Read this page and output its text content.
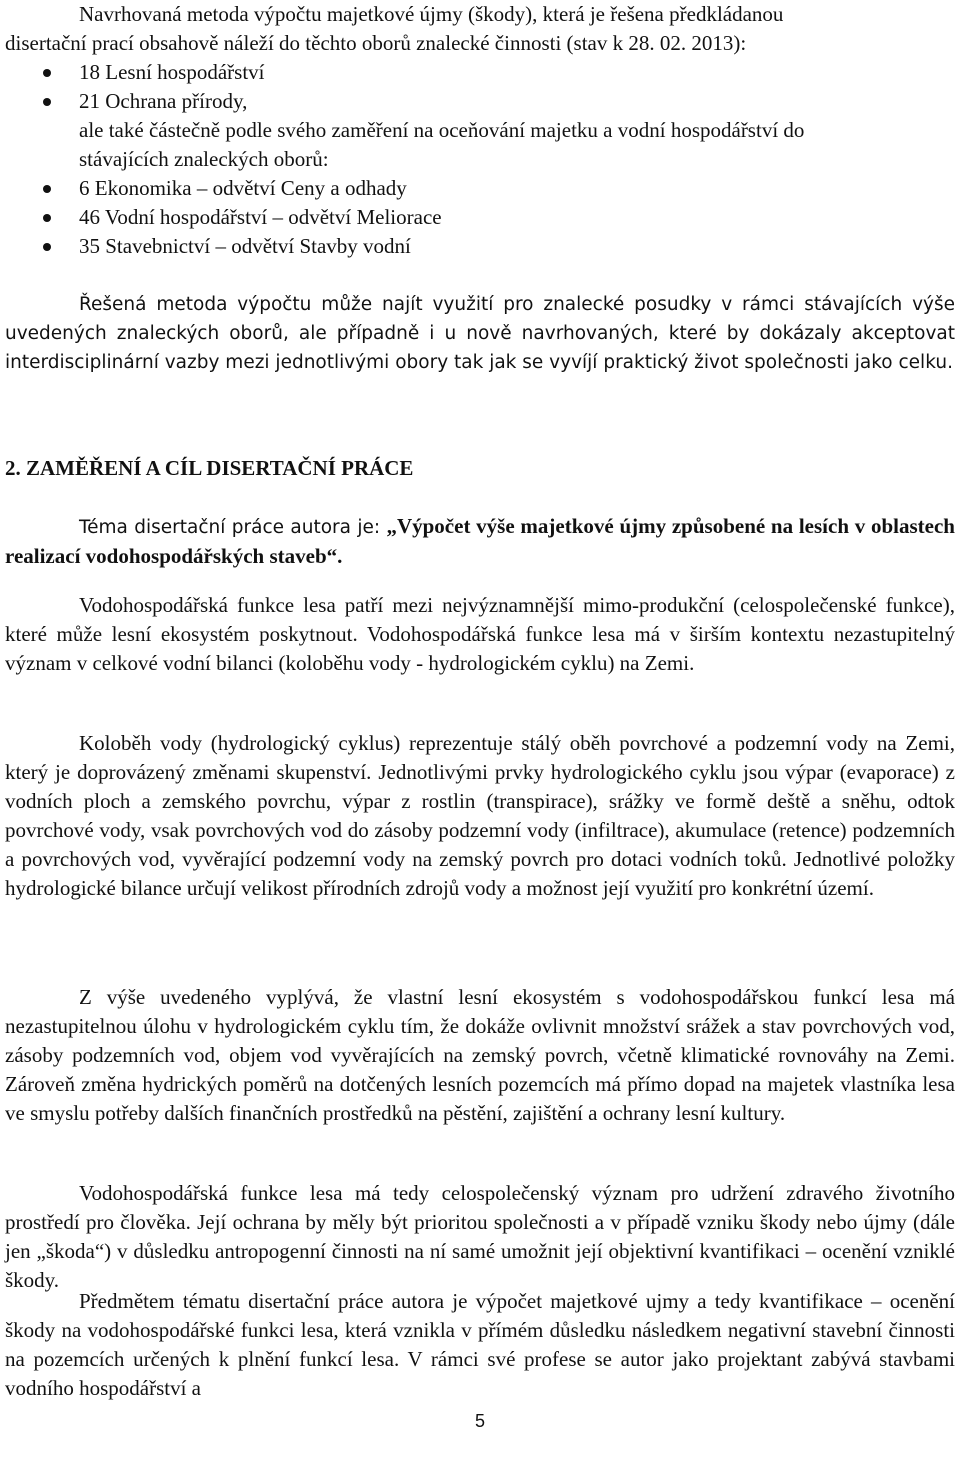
Navrhovaná metoda výpočtu majetkové újmy (škody), která je řešena předkládanou

disertační prací obsahově náleží do těchto oborů znalecké činnosti (stav k 28. 02. 2013):

18 Lesní hospodářství
21 Ochrana přírody,
ale také částečně podle svého zaměření na oceňování majetku a vodní hospodářství do
stávajících znaleckých oborů:
6 Ekonomika – odvětví Ceny a odhady
46 Vodní hospodářství – odvětví Meliorace
35 Stavebnictví – odvětví Stavby vodní

Řešená metoda výpočtu může najít využití pro znalecké posudky v rámci stávajících výše uvedených znaleckých oborů, ale případně i u nově navrhovaných, které by dokázaly akceptovat interdisciplinární vazby mezi jednotlivými obory tak jak se vyvíjí praktický život společnosti jako celku.

2. ZAMĚŘENÍ A CÍL DISERTAČNÍ PRÁCE

Téma disertační práce autora je: „Výpočet výše majetkové újmy způsobené na lesích v oblastech realizací vodohospodářských staveb“.

Vodohospodářská funkce lesa patří mezi nejvýznamnější mimo-produkční (celospolečenské funkce), které může lesní ekosystém poskytnout. Vodohospodářská funkce lesa má v širším kontextu nezastupitelný význam v celkové vodní bilanci (koloběhu vody - hydrologickém cyklu) na Zemi.

Koloběh vody (hydrologický cyklus) reprezentuje stálý oběh povrchové a podzemní vody na Zemi, který je doprovázený změnami skupenství. Jednotlivými prvky hydrologického cyklu jsou výpar (evaporace) z vodních ploch a zemského povrchu, výpar z rostlin (transpirace), srážky ve formě deště a sněhu, odtok povrchové vody, vsak povrchových vod do zásoby podzemní vody (infiltrace), akumulace (retence) podzemních a povrchových vod, vyvěrající podzemní vody na zemský povrch pro dotaci vodních toků. Jednotlivé položky hydrologické bilance určují velikost přírodních zdrojů vody a možnost její využití pro konkrétní území.

Z výše uvedeného vyplývá, že vlastní lesní ekosystém s vodohospodářskou funkcí lesa má nezastupitelnou úlohu v hydrologickém cyklu tím, že dokáže ovlivnit množství srážek a stav povrchových vod, zásoby podzemních vod, objem vod vyvěrajících na zemský povrch, včetně klimatické rovnováhy na Zemi. Zároveň změna hydrických poměrů na dotčených lesních pozemcích má přímo dopad na majetek vlastníka lesa ve smyslu potřeby dalších finančních prostředků na pěstění, zajištění a ochrany lesní kultury.

Vodohospodářská funkce lesa má tedy celospolečenský význam pro udržení zdravého životního prostředí pro člověka. Její ochrana by měly být prioritou společnosti a v případě vzniku škody nebo újmy (dále jen „škoda“) v důsledku antropogenní činnosti na ní samé umožnit její objektivní kvantifikaci – ocenění vzniklé škody.

Předmětem tématu disertační práce autora je výpočet majetkové ujmy a tedy kvantifikace – ocenění škody na vodohospodářské funkci lesa, která vznikla v přímém důsledku následkem negativní stavební činnosti na pozemcích určených k plnění funkcí lesa. V rámci své profese se autor jako projektant zabývá stavbami vodního hospodářství a

5
